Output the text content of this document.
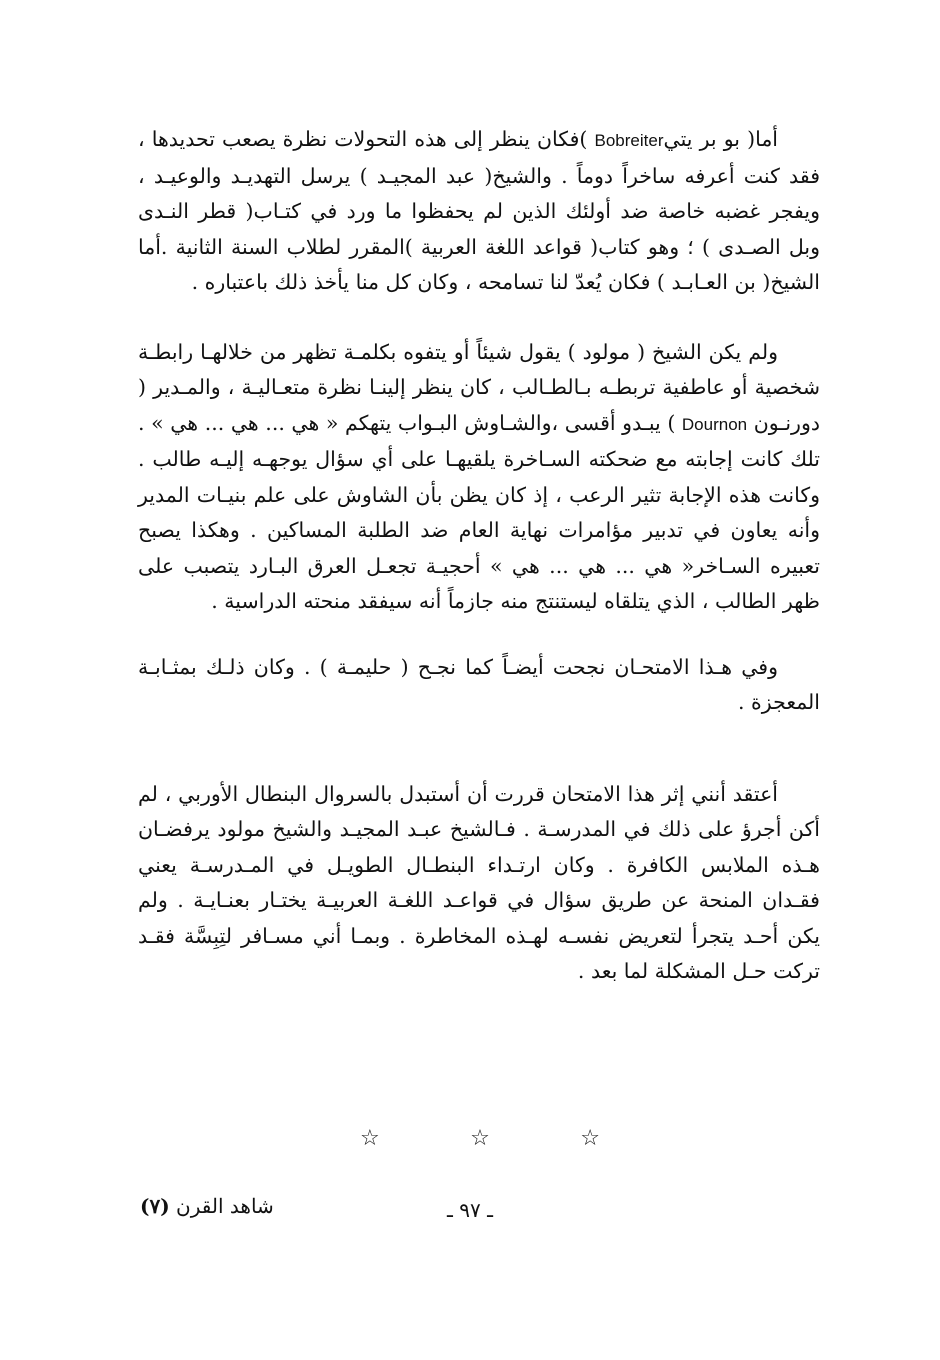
أما( بو بر يتيBobreiter )فكان ينظر إلى هذه التحولات نظرة يصعب تحديدها ، فقد كنت أعرفه ساخراً دوماً . والشيخ( عبد المجيـد ) يرسل التهديـد والوعيـد ، ويفجر غضبه خاصة ضد أولئك الذين لم يحفظوا ما ورد في كتـاب( قطر النـدى وبل الصـدى ) ؛ وهو كتاب( قواعد اللغة العربية )المقرر لطلاب السنة الثانية .أما الشيخ( بن العـابـد ) فكان يُعدّ لنا تسامحه ، وكان كل منا يأخذ ذلك باعتباره .

ولم يكن الشيخ ( مولود ) يقول شيئاً أو يتفوه بكلمـة تظهر من خلالهـا رابطـة شخصية أو عاطفية تربطـه بـالطـالب ، كان ينظر إلينـا نظرة متعـاليـة ، والمـدير ( دورنـون Dournon ) يبـدو أقسى ،والشـاوش البـواب يتهكم « هي ... هي ... هي » . تلك كانت إجابته مع ضحكته السـاخرة يلقيهـا على أي سؤال يوجهـه إليـه طالب . وكانت هذه الإجابة تثير الرعب ، إذ كان يظن بأن الشاوش على علم بنيـات المدير وأنه يعاون في تدبير مؤامرات نهاية العام ضد الطلبة المساكين . وهكذا يصبح تعبيره السـاخر« هي ... هي ... هي » أحجيـة تجعـل العرق البـارد يتصبب على ظهر الطالب ، الذي يتلقاه ليستنتج منه جازماً أنه سيفقد منحته الدراسية .

وفي هـذا الامتحـان نجحت أيضـاً كما نجـح ( حليمـة ) . وكان ذلـك بمثـابـة المعجزة .

أعتقد أنني إثر هذا الامتحان قررت أن أستبدل بالسروال البنطال الأوربي ، لم أكن أجرؤ على ذلك في المدرسـة . فـالشيخ عبـد المجيـد والشيخ مولود يرفضـان هـذه الملابس الكافرة . وكان ارتـداء البنطـال الطويـل في المـدرسـة يعني فقـدان المنحة عن طريق سؤال في قواعـد اللغـة العربيـة يختـار بعنـايـة . ولم يكن أحـد يتجرأ لتعريض نفسـه لهـذه المخاطرة . وبمـا أني مسـافر لتِبِسَّة فقـد تركت حـل المشكلة لما بعد .

☆	☆	☆
ـ ٩٧ ـ
شاهد القرن (٧)
